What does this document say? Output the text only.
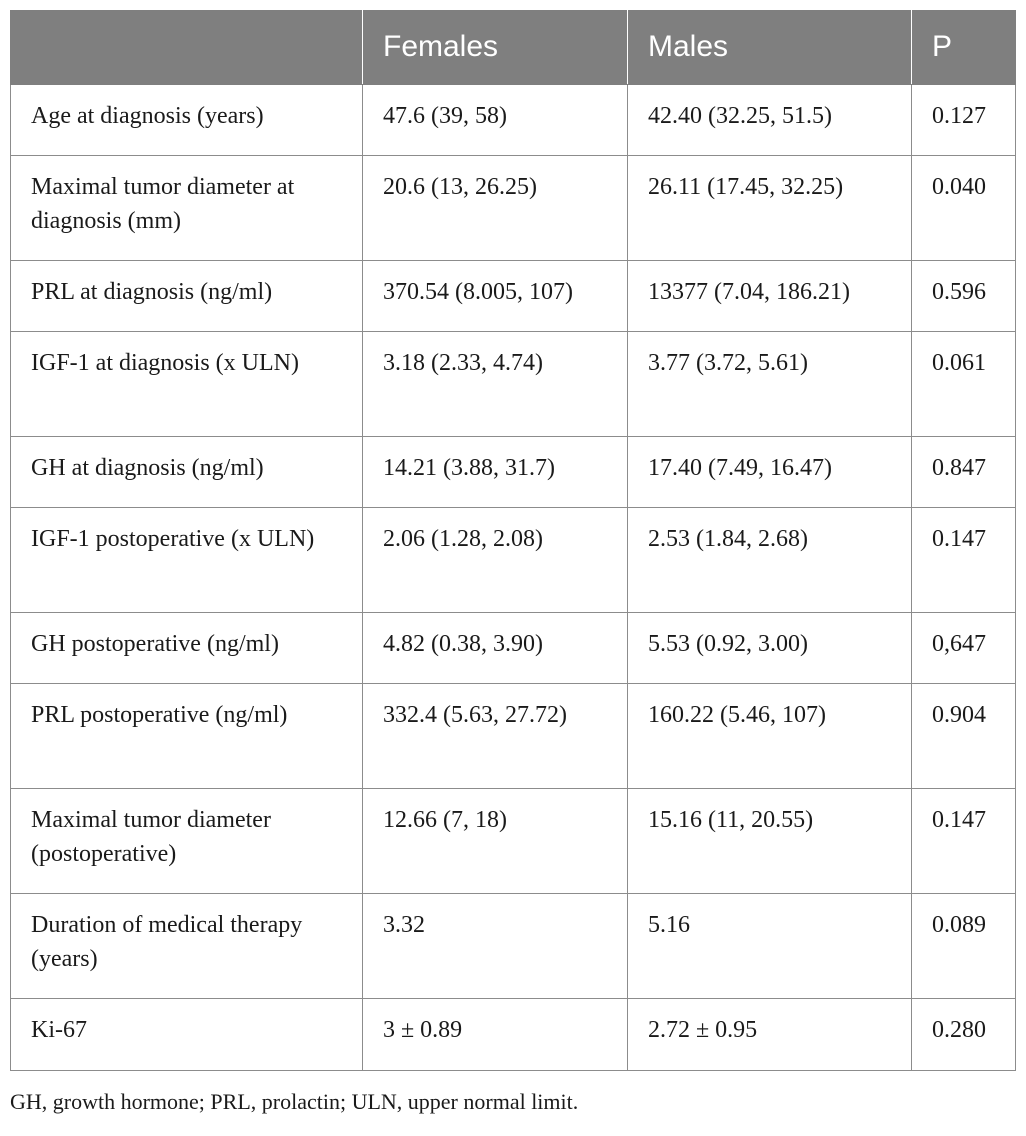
	Females	Males	P
Age at diagnosis (years)	47.6 (39, 58)	42.40 (32.25, 51.5)	0.127
Maximal tumor diameter at diagnosis (mm)	20.6 (13, 26.25)	26.11 (17.45, 32.25)	0.040
PRL at diagnosis (ng/ml)	370.54 (8.005, 107)	13377 (7.04, 186.21)	0.596
IGF-1 at diagnosis (x ULN)	3.18 (2.33, 4.74)	3.77 (3.72, 5.61)	0.061
GH at diagnosis (ng/ml)	14.21 (3.88, 31.7)	17.40 (7.49, 16.47)	0.847
IGF-1 postoperative (x ULN)	2.06 (1.28, 2.08)	2.53 (1.84, 2.68)	0.147
GH postoperative (ng/ml)	4.82 (0.38, 3.90)	5.53 (0.92, 3.00)	0,647
PRL postoperative (ng/ml)	332.4 (5.63, 27.72)	160.22 (5.46, 107)	0.904
Maximal tumor diameter (postoperative)	12.66 (7, 18)	15.16 (11, 20.55)	0.147
Duration of medical therapy (years)	3.32	5.16	0.089
Ki-67	3 ± 0.89	2.72 ± 0.95	0.280
GH, growth hormone; PRL, prolactin; ULN, upper normal limit.
